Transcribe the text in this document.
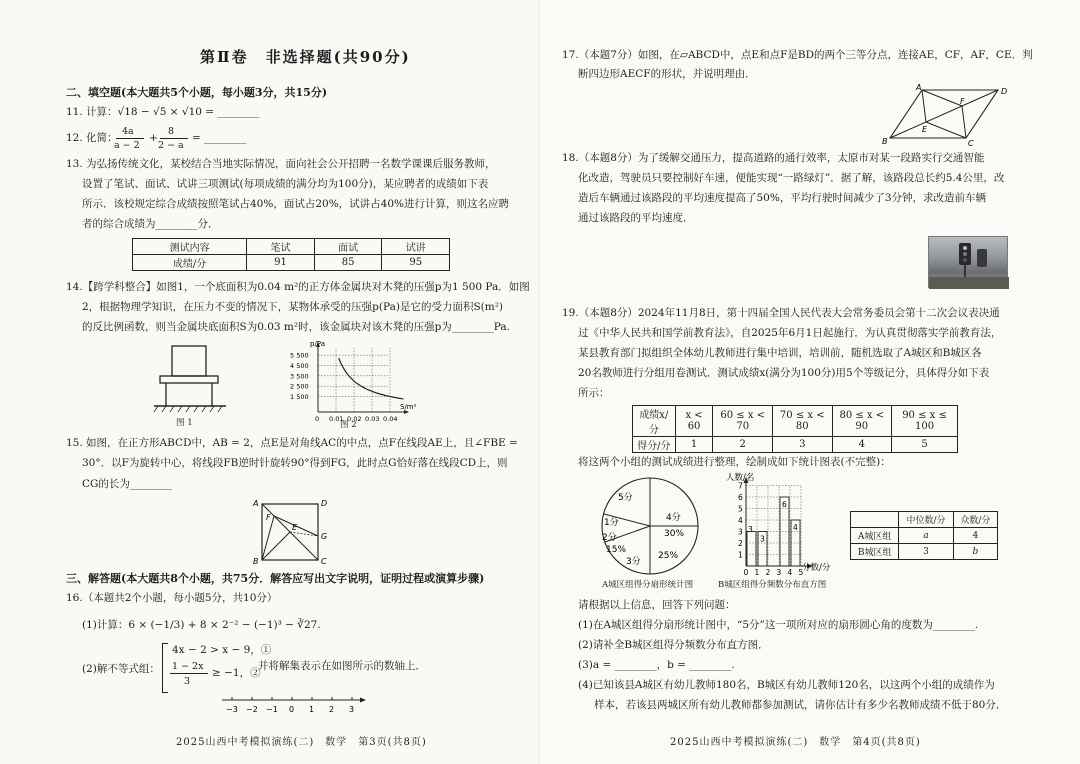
第Ⅱ卷　非选择题(共90分)
二、填空题(本大题共5个小题，每小题3分，共15分)
11. 计算：√18 − √5 × √10 = ________
12. 化简：
4a
a − 2
+
8
2 − a
= ________
13. 为弘扬传统文化，某校结合当地实际情况，面向社会公开招聘一名数学课课后服务教师，
设置了笔试、面试、试讲三项测试(每项成绩的满分均为100分)，某应聘者的成绩如下表
所示．该校规定综合成绩按照笔试占40%，面试占20%，试讲占40%进行计算，则这名应聘
者的综合成绩为________分．
测试内容	笔试	面试	试讲
成绩/分	91	85	95
14.【跨学科整合】如图1，一个底面积为0.04 m²的正方体金属块对木凳的压强p为1 500 Pa．如图
2，根据物理学知识，在压力不变的情况下，某物体承受的压强p(Pa)是它的受力面积S(m²)
的反比例函数，则当金属块底面积S为0.03 m²时，该金属块对该木凳的压强p为________Pa.
图 1
p/Pa
S/m²
5 500
4 500
3 500
2 500
1 500
0 0.01 0.02 0.03 0.04
图 2
15. 如图，在正方形ABCD中，AB = 2，点E是对角线AC的中点，点F在线段AE上，且∠FBE =
30°．以F为旋转中心，将线段FB逆时针旋转90°得到FG，此时点G恰好落在线段CD上，则
CG的长为________
A	D
B	C
E
F
G
三、解答题(本大题共8个小题，共75分．解答应写出文字说明，证明过程或演算步骤)
16.（本题共2个小题，每小题5分，共10分）
(1)计算：6 × (−1/3) + 8 × 2⁻² − (−1)³ − ∛27.
(2)解不等式组：
4x − 2 > x − 9，①
1 − 2x
3
≥ −1，②
并将解集表示在如图所示的数轴上．
−3 −2 −1 0 1 2 3
2025山西中考模拟演练(二)　数学　第3页(共8页)
17.（本题7分）如图，在▱ABCD中，点E和点F是BD的两个三等分点，连接AE，CF，AF，CE．判
断四边形AECF的形状，并说明理由．
A	D
B	C
E
F
18.（本题8分）为了缓解交通压力，提高道路的通行效率，太原市对某一段路实行交通智能
化改造，驾驶员只要控制好车速，便能实现“一路绿灯”．据了解，该路段总长约5.4公里，改
造后车辆通过该路段的平均速度提高了50%，平均行驶时间减少了3分钟，求改造前车辆
通过该路段的平均速度．
19.（本题8分）2024年11月8日，第十四届全国人民代表大会常务委员会第十二次会议表决通
过《中华人民共和国学前教育法》，自2025年6月1日起施行．为认真贯彻落实学前教育法，
某县教育部门拟组织全体幼儿教师进行集中培训，培训前，随机选取了A城区和B城区各
20名教师进行分组用卷测试．测试成绩x(满分为100分)用5个等级记分，具体得分如下表
所示：
成绩x/分	x < 60	60 ≤ x < 70	70 ≤ x < 80	80 ≤ x < 90	90 ≤ x ≤ 100
得分/分	1	2	3	4	5
将这两个小组的测试成绩进行整理，绘制成如下统计图表(不完整)：
4分
30%
25%
3分
2分
15%
1分
5分
A城区组得分扇形统计图
3
6
4
3
人数/名
分数/分
1
2
3
4
5
6
7
0 1 2 3 4 5
B城区组得分频数分布直方图
	中位数/分	众数/分
A城区组	a	4
B城区组	3	b
请根据以上信息，回答下列问题：
(1)在A城区组得分扇形统计图中，“5分”这一项所对应的扇形圆心角的度数为________.
(2)请补全B城区组得分频数分布直方图．
(3)a = ________，b = ________.
(4)已知该县A城区有幼儿教师180名，B城区有幼儿教师120名，以这两个小组的成绩作为
样本，若该县两城区所有幼儿教师都参加测试，请你估计有多少名教师成绩不低于80分．
2025山西中考模拟演练(二)　数学　第4页(共8页)
